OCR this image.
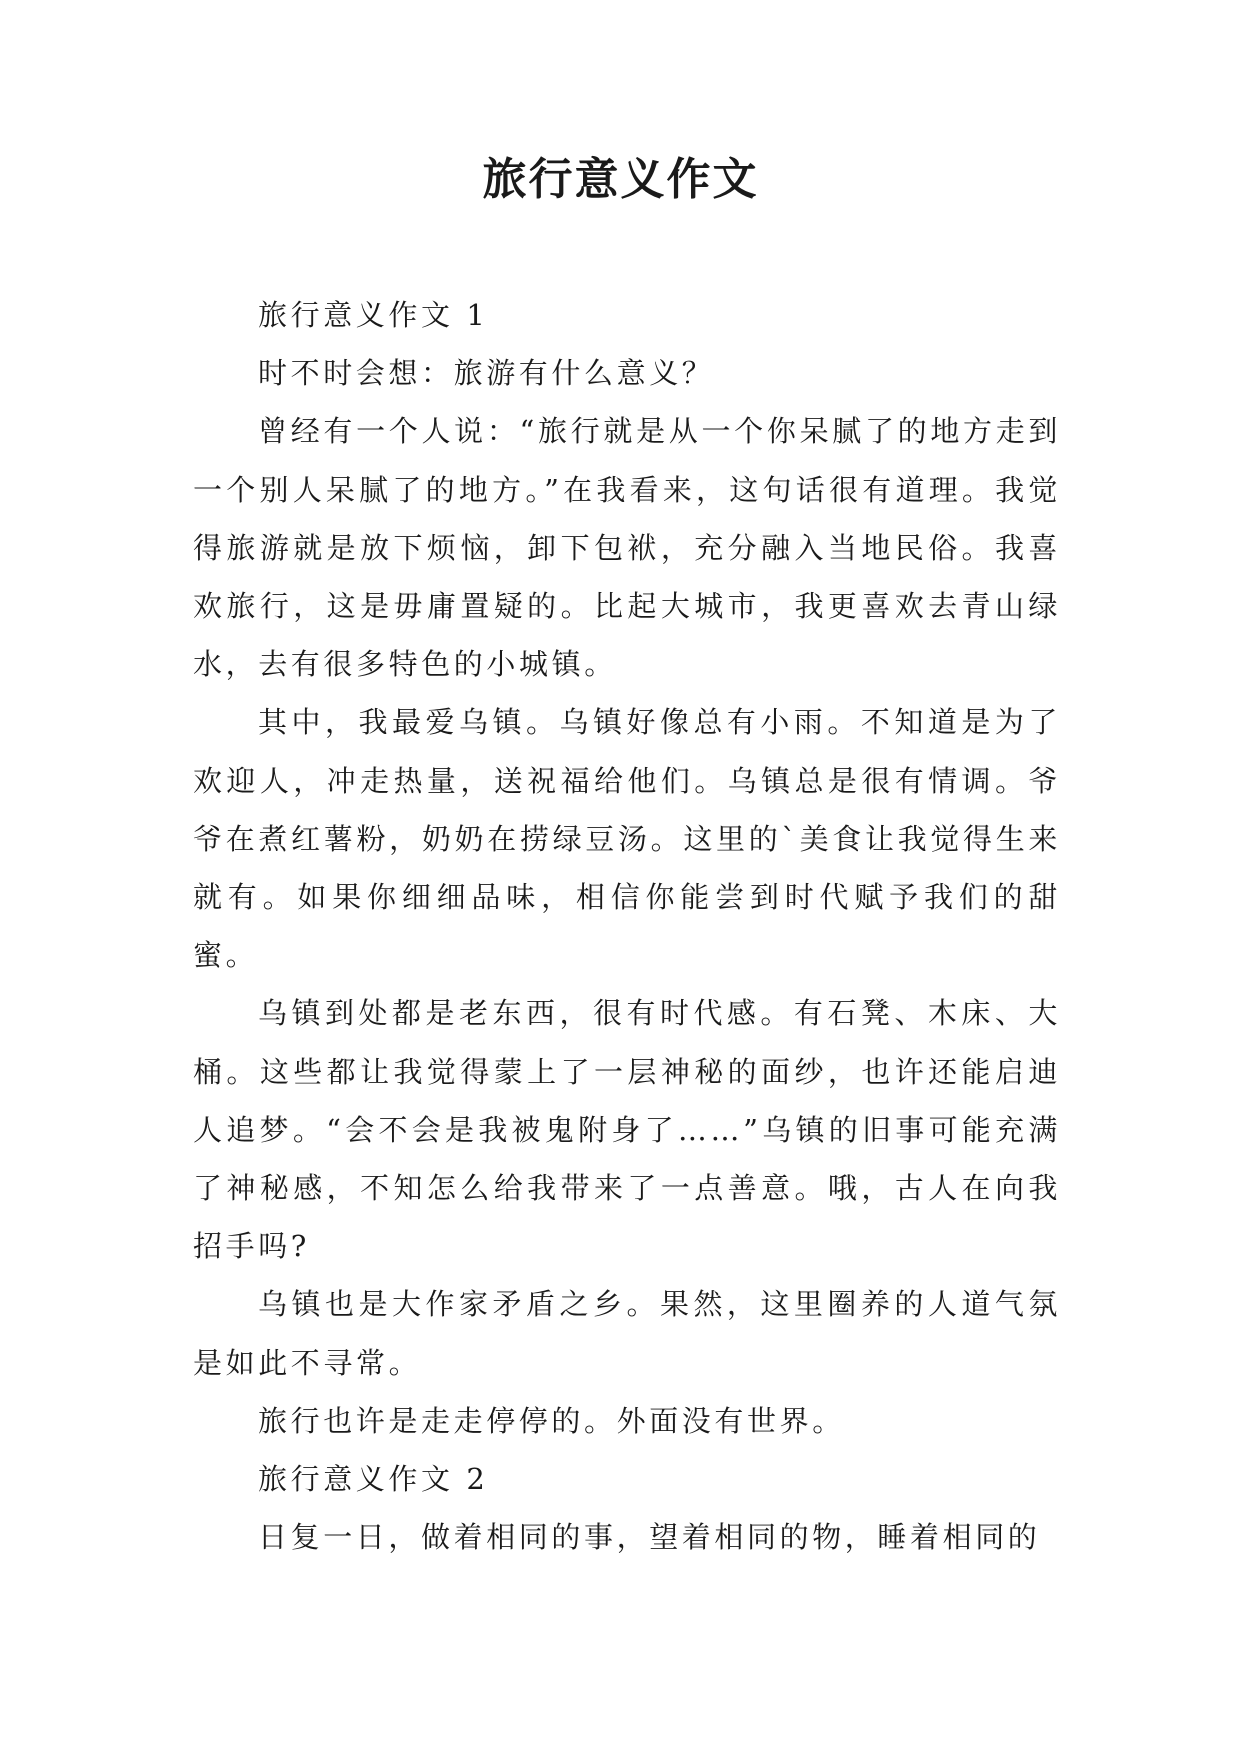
旅行意义作文

旅行意义作文 1

时不时会想：旅游有什么意义？

曾经有一个人说：“旅行就是从一个你呆腻了的地方走到一个别人呆腻了的地方。”在我看来，这句话很有道理。我觉得旅游就是放下烦恼，卸下包袱，充分融入当地民俗。我喜欢旅行，这是毋庸置疑的。比起大城市，我更喜欢去青山绿水，去有很多特色的小城镇。

其中，我最爱乌镇。乌镇好像总有小雨。不知道是为了欢迎人，冲走热量，送祝福给他们。乌镇总是很有情调。爷爷在煮红薯粉，奶奶在捞绿豆汤。这里的`美食让我觉得生来就有。如果你细细品味，相信你能尝到时代赋予我们的甜蜜。

乌镇到处都是老东西，很有时代感。有石凳、木床、大桶。这些都让我觉得蒙上了一层神秘的面纱，也许还能启迪人追梦。“会不会是我被鬼附身了……”乌镇的旧事可能充满了神秘感，不知怎么给我带来了一点善意。哦，古人在向我招手吗?

乌镇也是大作家矛盾之乡。果然，这里圈养的人道气氛是如此不寻常。

旅行也许是走走停停的。外面没有世界。

旅行意义作文 2

日复一日，做着相同的事，望着相同的物，睡着相同的
